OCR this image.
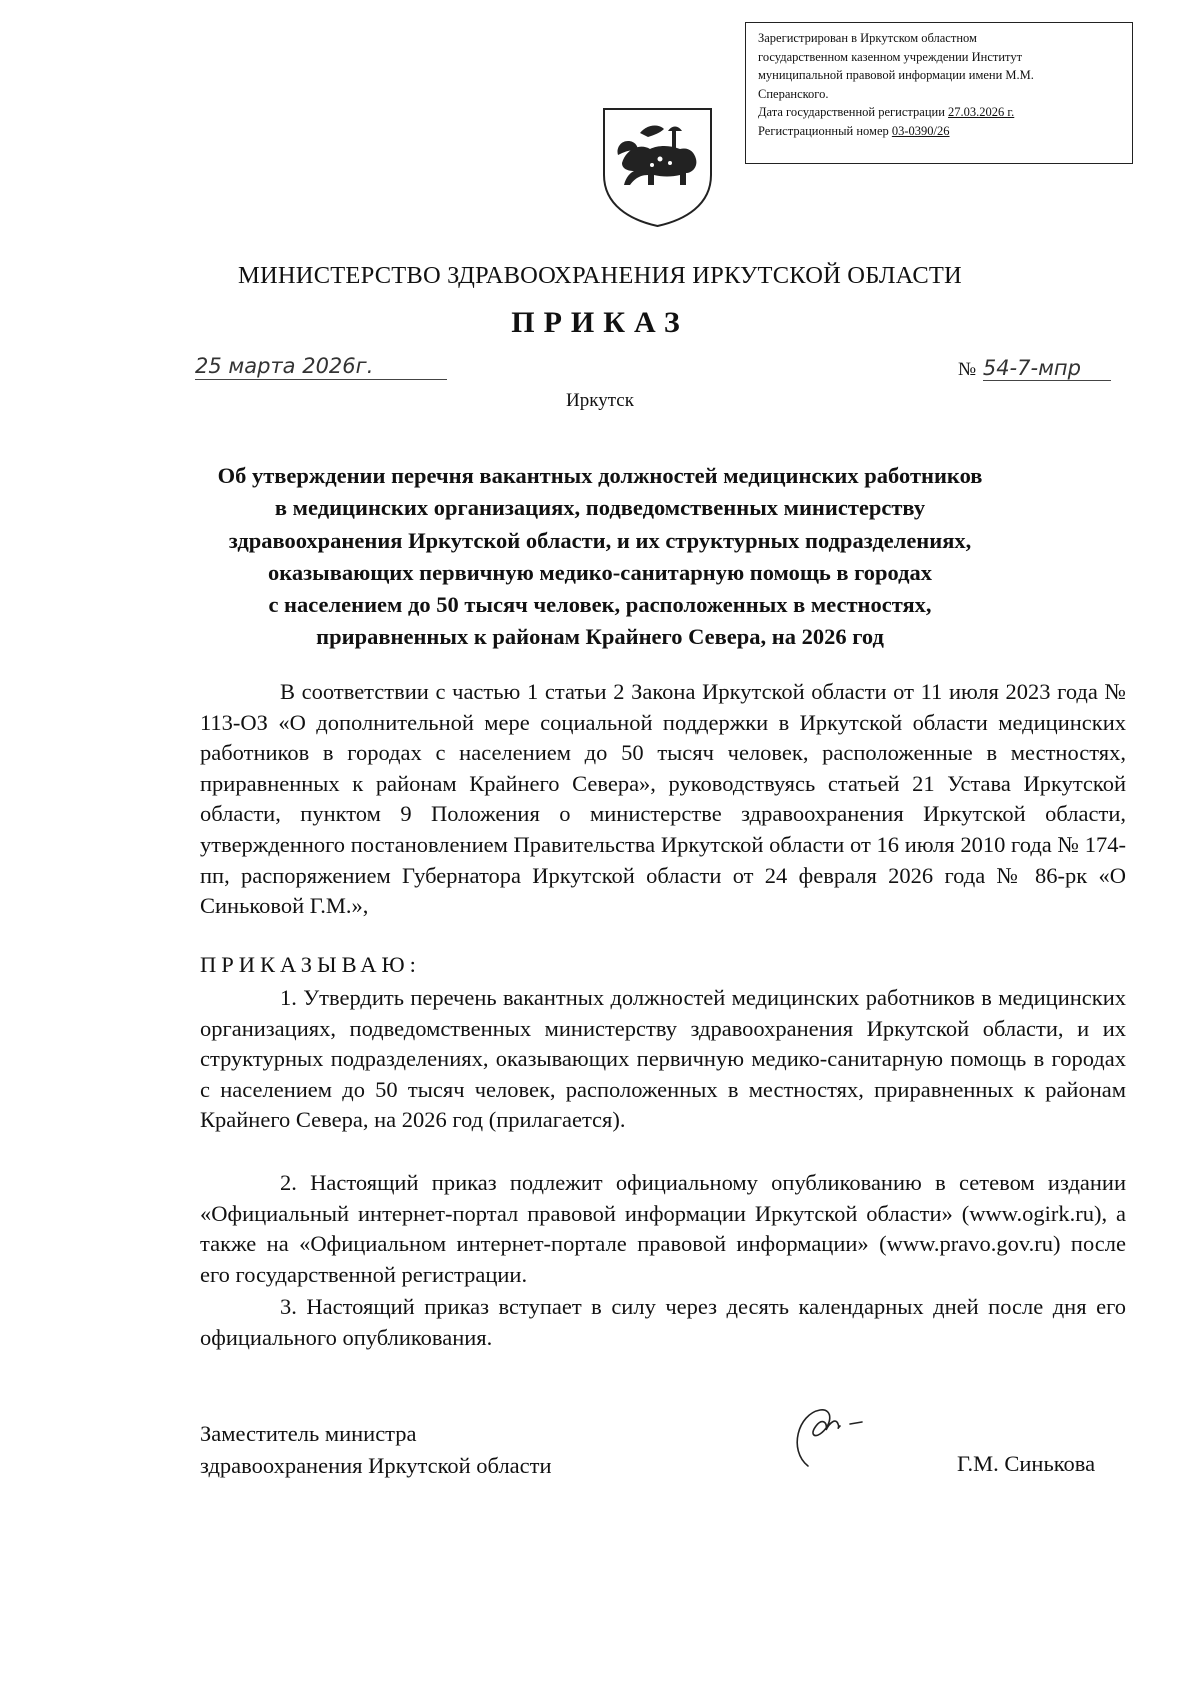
Зарегистрирован в Иркутском областном
государственном казенном учреждении Институт
муниципальной правовой информации имени М.М.
Сперанского.
Дата государственной регистрации 27.03.2026 г.
Регистрационный номер 03-0390/26
МИНИСТЕРСТВО ЗДРАВООХРАНЕНИЯ ИРКУТСКОЙ ОБЛАСТИ
ПРИКАЗ
25 марта 2026г.	№ 54-7-мпр
Иркутск
Об утверждении перечня вакантных должностей медицинских работников
в медицинских организациях, подведомственных министерству
здравоохранения Иркутской области, и их структурных подразделениях,
оказывающих первичную медико-санитарную помощь в городах
с населением до 50 тысяч человек, расположенных в местностях,
приравненных к районам Крайнего Севера, на 2026 год
В соответствии с частью 1 статьи 2 Закона Иркутской области от 11 июля 2023 года № 113-ОЗ «О дополнительной мере социальной поддержки в Иркутской области медицинских работников в городах с населением до 50 тысяч человек, расположенные в местностях, приравненных к районам Крайнего Севера», руководствуясь статьей 21 Устава Иркутской области, пунктом 9 Положения о министерстве здравоохранения Иркутской области, утвержденного постановлением Правительства Иркутской области от 16 июля 2010 года № 174-пп, распоряжением Губернатора Иркутской области от 24 февраля 2026 года № 86-рк «О Синьковой Г.М.»,
ПРИКАЗЫВАЮ:
1. Утвердить перечень вакантных должностей медицинских работников в медицинских организациях, подведомственных министерству здравоохранения Иркутской области, и их структурных подразделениях, оказывающих первичную медико-санитарную помощь в городах с населением до 50 тысяч человек, расположенных в местностях, приравненных к районам Крайнего Севера, на 2026 год (прилагается).
2. Настоящий приказ подлежит официальному опубликованию в сетевом издании «Официальный интернет-портал правовой информации Иркутской области» (www.ogirk.ru), а также на «Официальном интернет-портале правовой информации» (www.pravo.gov.ru) после его государственной регистрации.
3. Настоящий приказ вступает в силу через десять календарных дней после дня его официального опубликования.
Заместитель министра
здравоохранения Иркутской области	Г.М. Синькова
